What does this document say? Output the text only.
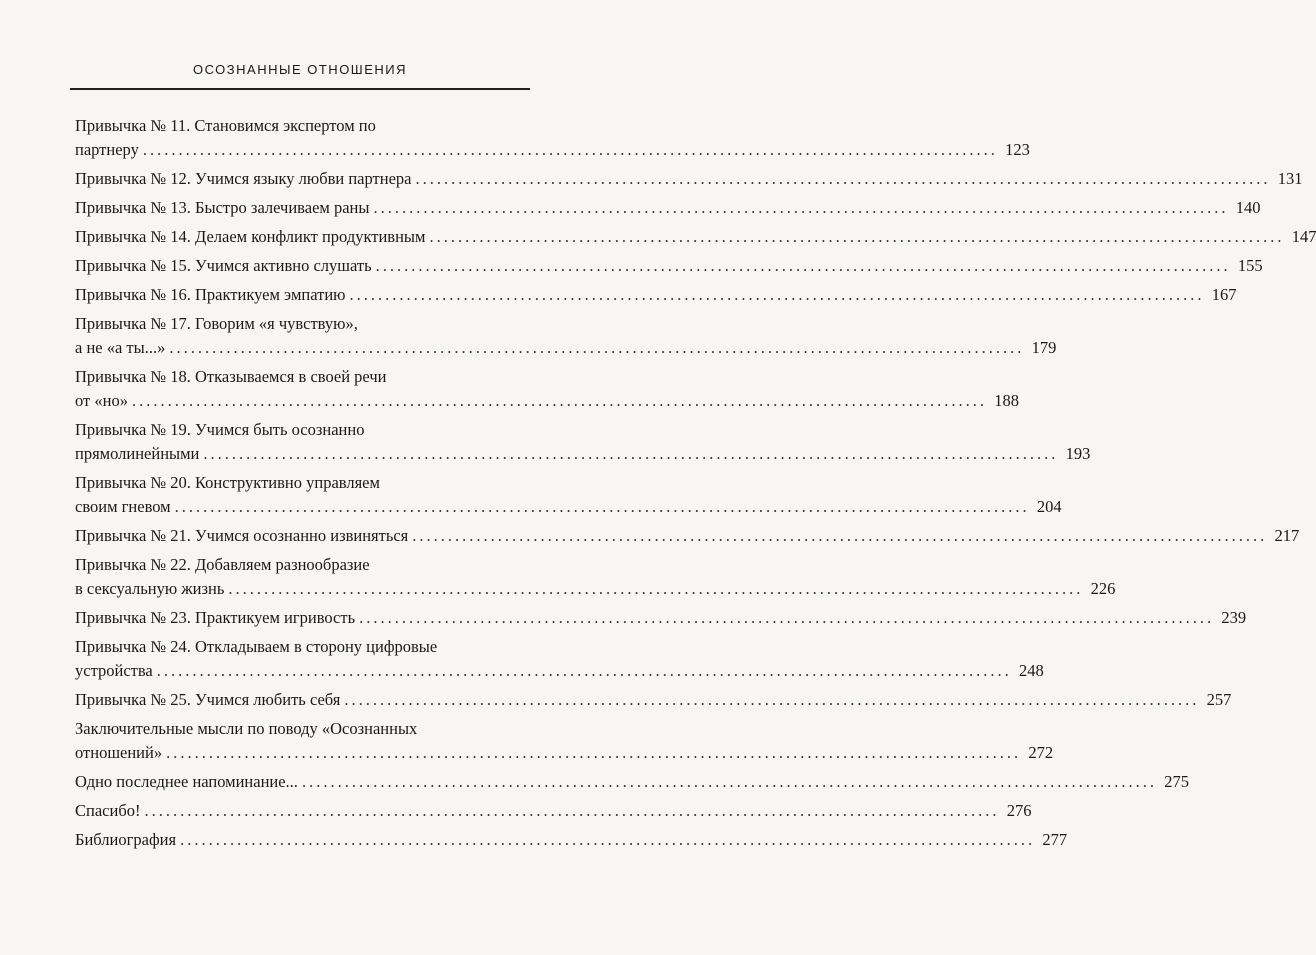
ОСОЗНАННЫЕ ОТНОШЕНИЯ
Привычка № 11. Становимся экспертом по
партнеру ........................................................................................................................ 123
Привычка № 12. Учимся языку любви партнера ........................................................................................................................ 131
Привычка № 13. Быстро залечиваем раны ........................................................................................................................ 140
Привычка № 14. Делаем конфликт продуктивным ........................................................................................................................ 147
Привычка № 15. Учимся активно слушать ........................................................................................................................ 155
Привычка № 16. Практикуем эмпатию ........................................................................................................................ 167
Привычка № 17. Говорим «я чувствую»,
а не «а ты...» ........................................................................................................................ 179
Привычка № 18. Отказываемся в своей речи
от «но» ........................................................................................................................ 188
Привычка № 19. Учимся быть осознанно
прямолинейными ........................................................................................................................ 193
Привычка № 20. Конструктивно управляем
своим гневом ........................................................................................................................ 204
Привычка № 21. Учимся осознанно извиняться ........................................................................................................................ 217
Привычка № 22. Добавляем разнообразие
в сексуальную жизнь ........................................................................................................................ 226
Привычка № 23. Практикуем игривость ........................................................................................................................ 239
Привычка № 24. Откладываем в сторону цифровые
устройства ........................................................................................................................ 248
Привычка № 25. Учимся любить себя ........................................................................................................................ 257
Заключительные мысли по поводу «Осознанных
отношений» ........................................................................................................................ 272
Одно последнее напоминание... ........................................................................................................................ 275
Спасибо! ........................................................................................................................ 276
Библиография ........................................................................................................................ 277
